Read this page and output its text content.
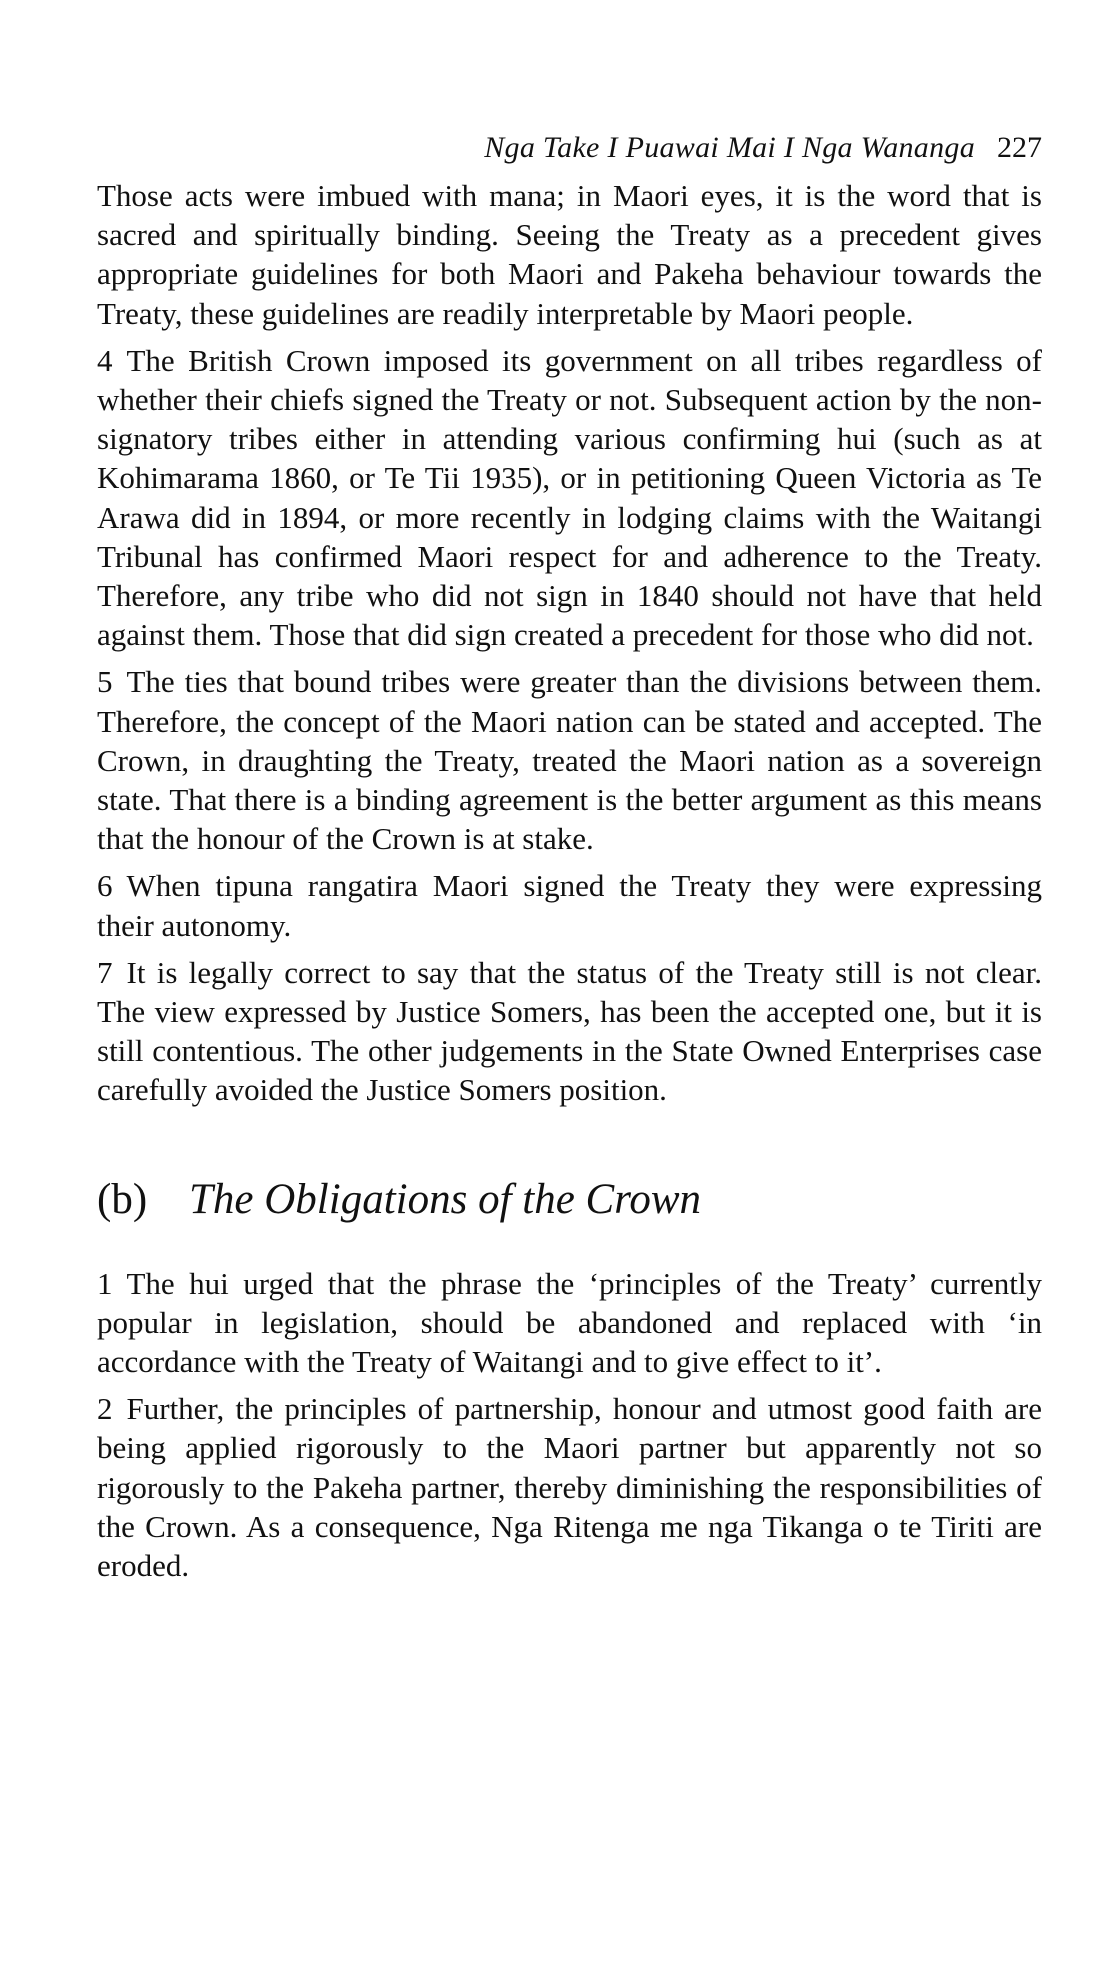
Nga Take I Puawai Mai I Nga Wananga 227

Those acts were imbued with mana; in Maori eyes, it is the word that is sacred and spiritually binding. Seeing the Treaty as a precedent gives appropriate guidelines for both Maori and Pakeha behaviour towards the Treaty, these guidelines are readily interpretable by Maori people.

4 The British Crown imposed its government on all tribes regardless of whether their chiefs signed the Treaty or not. Subsequent action by the non-signatory tribes either in attending various confirming hui (such as at Kohimarama 1860, or Te Tii 1935), or in petitioning Queen Victoria as Te Arawa did in 1894, or more recently in lodging claims with the Waitangi Tribunal has confirmed Maori respect for and adherence to the Treaty. Therefore, any tribe who did not sign in 1840 should not have that held against them. Those that did sign created a precedent for those who did not.

5 The ties that bound tribes were greater than the divisions between them. Therefore, the concept of the Maori nation can be stated and accepted. The Crown, in draughting the Treaty, treated the Maori nation as a sovereign state. That there is a binding agreement is the better argument as this means that the honour of the Crown is at stake.

6 When tipuna rangatira Maori signed the Treaty they were expressing their autonomy.

7 It is legally correct to say that the status of the Treaty still is not clear. The view expressed by Justice Somers, has been the accepted one, but it is still contentious. The other judgements in the State Owned Enterprises case carefully avoided the Justice Somers position.

(b) The Obligations of the Crown

1 The hui urged that the phrase the ‘principles of the Treaty’ currently popular in legislation, should be abandoned and replaced with ‘in accordance with the Treaty of Waitangi and to give effect to it’.

2 Further, the principles of partnership, honour and utmost good faith are being applied rigorously to the Maori partner but apparently not so rigorously to the Pakeha partner, thereby diminishing the responsibilities of the Crown. As a consequence, Nga Ritenga me nga Tikanga o te Tiriti are eroded.
